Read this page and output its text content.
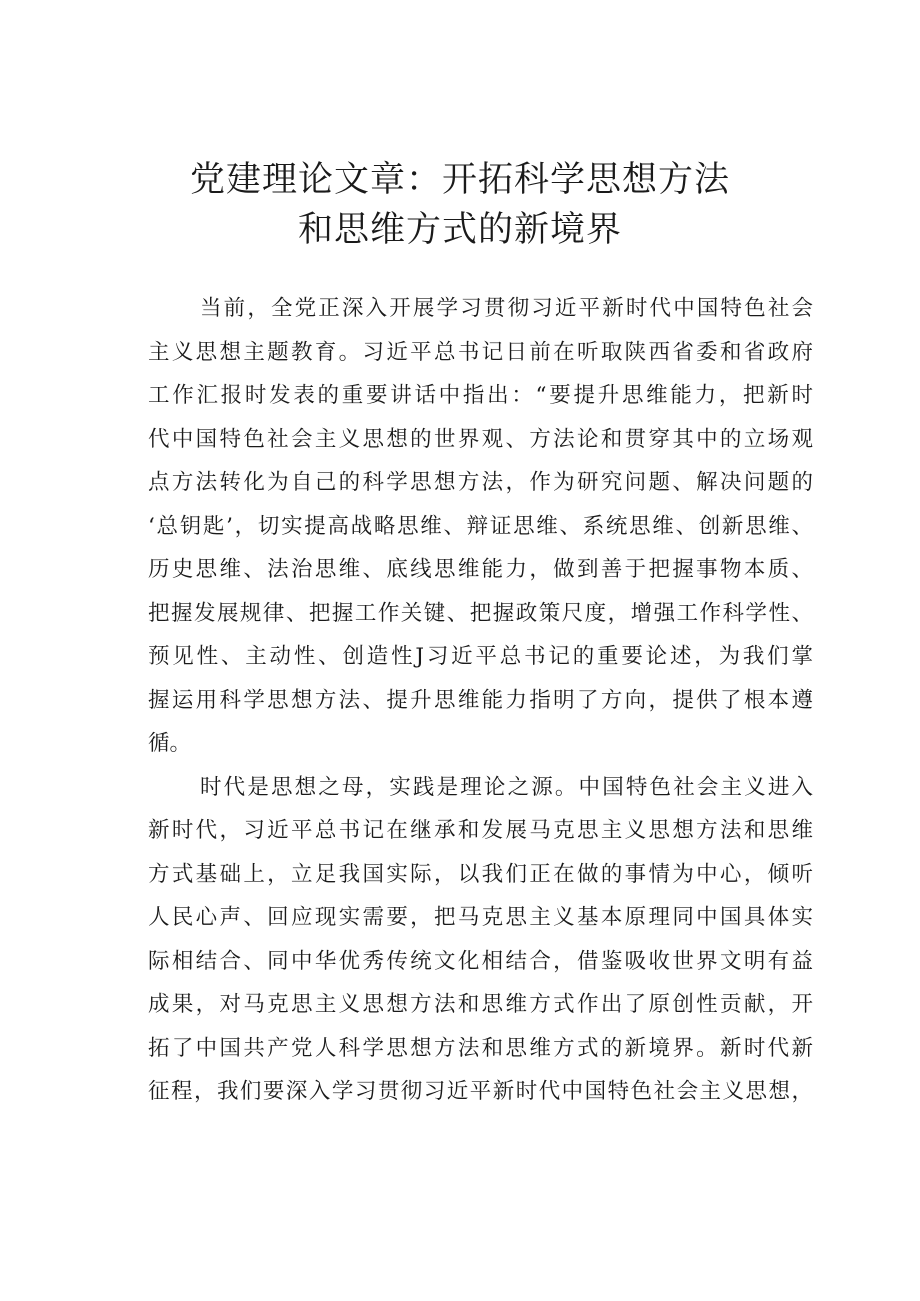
党建理论文章：开拓科学思想方法
和思维方式的新境界
当前，全党正深入开展学习贯彻习近平新时代中国特色社会
主义思想主题教育。习近平总书记日前在听取陕西省委和省政府
工作汇报时发表的重要讲话中指出：“要提升思维能力，把新时
代中国特色社会主义思想的世界观、方法论和贯穿其中的立场观
点方法转化为自己的科学思想方法，作为研究问题、解决问题的
‘总钥匙’，切实提高战略思维、辩证思维、系统思维、创新思维、
历史思维、法治思维、底线思维能力，做到善于把握事物本质、
把握发展规律、把握工作关键、把握政策尺度，增强工作科学性、
预见性、主动性、创造性J习近平总书记的重要论述，为我们掌
握运用科学思想方法、提升思维能力指明了方向，提供了根本遵
循。
时代是思想之母，实践是理论之源。中国特色社会主义进入
新时代，习近平总书记在继承和发展马克思主义思想方法和思维
方式基础上，立足我国实际，以我们正在做的事情为中心，倾听
人民心声、回应现实需要，把马克思主义基本原理同中国具体实
际相结合、同中华优秀传统文化相结合，借鉴吸收世界文明有益
成果，对马克思主义思想方法和思维方式作出了原创性贡献，开
拓了中国共产党人科学思想方法和思维方式的新境界。新时代新
征程，我们要深入学习贯彻习近平新时代中国特色社会主义思想，
